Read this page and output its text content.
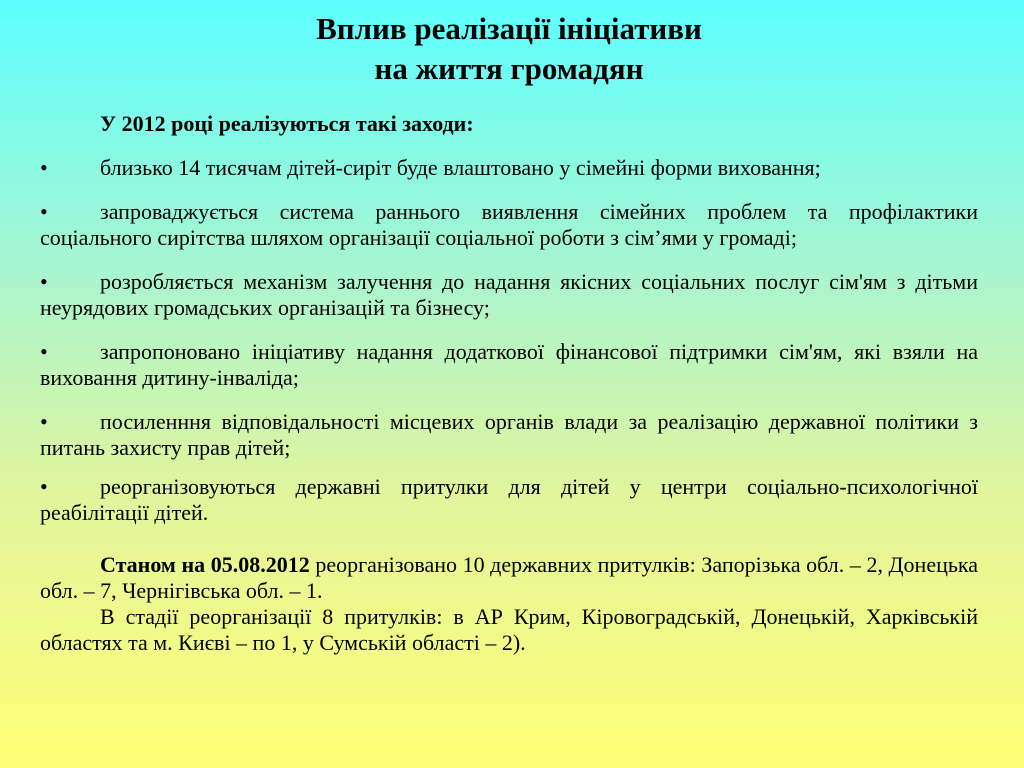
Вплив реалізації ініціативи
на життя громадян
У 2012 році реалізуються такі заходи:
• близько 14 тисячам дітей-сиріт буде влаштовано у сімейні форми виховання;
• запроваджується система раннього виявлення сімейних проблем та профілактики соціального сирітства шляхом організації соціальної роботи з сім’ями у громаді;
• розробляється механізм залучення до надання якісних соціальних послуг сім'ям з дітьми неурядових громадських організацій та бізнесу;
• запропоновано ініціативу надання додаткової фінансової підтримки сім'ям, які взяли на виховання дитину-інваліда;
• посиленння відповідальності місцевих органів влади за реалізацію державної політики з питань захисту прав дітей;
• реорганізовуються державні притулки для дітей у центри соціально-психологічної реабілітації дітей.
Станом на 05.08.2012 реорганізовано 10 державних притулків: Запорізька обл. – 2, Донецька обл. – 7, Чернігівська обл. – 1.
В стадії реорганізації 8 притулків: в АР Крим, Кіровоградській, Донецькій, Харківській областях та м. Києві – по 1, у Сумській області – 2).
